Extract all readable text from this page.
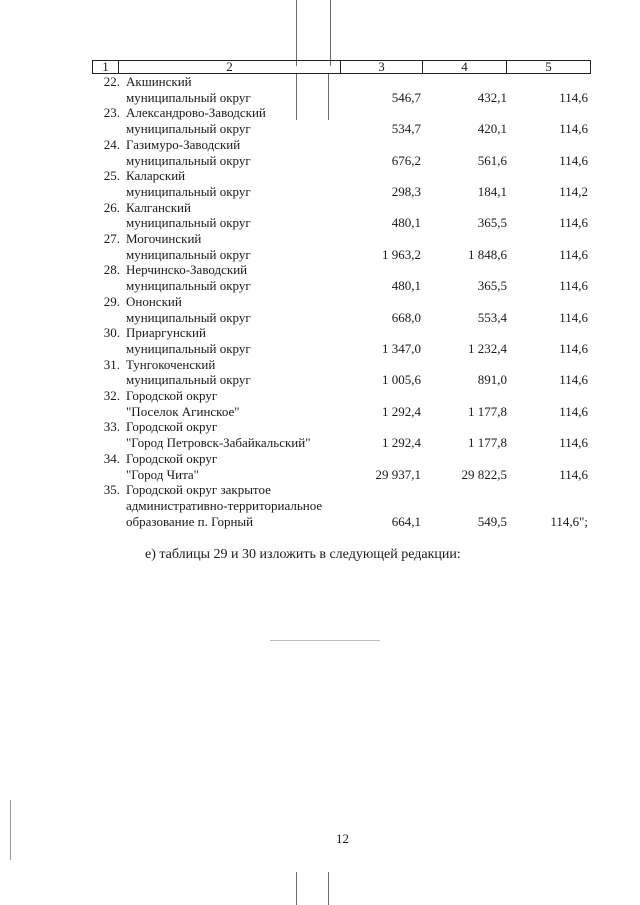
1	2	3	4	5
22. Акшинский
муниципальный округ	546,7	432,1	114,6
23. Александрово-Заводский
муниципальный округ	534,7	420,1	114,6
24. Газимуро-Заводский
муниципальный округ	676,2	561,6	114,6
25. Каларский
муниципальный округ	298,3	184,1	114,2
26. Калганский
муниципальный округ	480,1	365,5	114,6
27. Могочинский
муниципальный округ	1 963,2	1 848,6	114,6
28. Нерчинско-Заводский
муниципальный округ	480,1	365,5	114,6
29. Ононский
муниципальный округ	668,0	553,4	114,6
30. Приаргунский
муниципальный округ	1 347,0	1 232,4	114,6
31. Тунгокоченский
муниципальный округ	1 005,6	891,0	114,6
32. Городской округ
"Поселок Агинское"	1 292,4	1 177,8	114,6
33. Городской округ
"Город Петровск-Забайкальский"	1 292,4	1 177,8	114,6
34. Городской округ
"Город Чита"	29 937,1	29 822,5	114,6
35. Городской округ закрытое
административно-территориальное
образование п. Горный	664,1	549,5	114,6";
е) таблицы 29 и 30 изложить в следующей редакции:
12
